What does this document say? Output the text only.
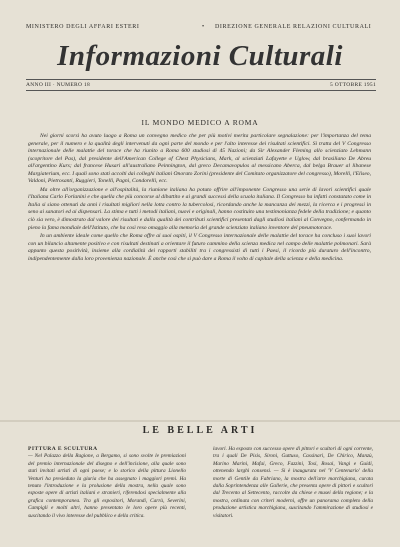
MINISTERO DEGLI AFFARI ESTERI	• DIREZIONE GENERALE RELAZIONI CULTURALI
Informazioni Culturali
ANNO III · NUMERO 18	5 OTTOBRE 1951
IL MONDO MEDICO A ROMA

Nei giorni scorsi ha avuto luogo a Roma un convegno medico che per più motivi merita particolare segnalazione: per l'importanza del tema generale, per il numero e la qualità degli intervenuti da ogni parte del mondo e per l'alto interesse dei risultati scientifici. Si tratta del V Congresso internazionale delle malattie del torace che ha riunito a Roma 600 studiosi di 45 Nazioni; da Sir Alexander Fleming allo scienziato Lehmann (scopritore del Pas), dal presidente dell'American College of Chest Physicians, Mark, al scienziati Lafayette e Uglow, dal brasiliano De Abreu all'argentino Kurs; dal francese Husari all'australiano Peinnington, dal greco Decamavopulos al messicano Aberca, dal belga Brauer al libanese Margiaterium, ecc. I quali sono stati accolti dai colleghi italiani Onorato Zorini (presidente del Comitato organizzatore del congresso), Morelli, l'Eliseo, Valdoni, Pietrosanti, Ruggieri, Tonelli, Pagni, Condorelli, ecc.

Ma oltre all'organizzazione e all'ospitalità, la riunione italiana ha potuto offrire all'imponente Congresso una serie di lavori scientifici quale l'Italiana Carlo Forlanini e che quella che più concorse al dibattito e ai grandi successi della scuola italiana. Il Congresso ha infatti constatato come in Italia si siano ottenuti da anni i risultati migliori nella lotta contro la tubercolosi, ricordando anche la mancanza dei mezzi, la ricerca e i progressi in seno ai sanatori ed ai dispensari. La stima e tutti i metodi italiani, nuovi e originali, hanno costituito una testimonianza fedele della tradizione; e quanto ciò sia vero, è dimostrato dal valore dei risultati e dalla qualità dei contributi scientifici presentati dagli studiosi italiani al Convegno, confermando in pieno la fama mondiale dell'Istituto, che ha così reso omaggio alla memoria del grande scienziato italiano inventore del pneumotorace.

In un ambiente ideale come quello che Roma offre ai suoi ospiti, il V Congresso internazionale delle malattie del torace ha concluso i suoi lavori con un bilancio altamente positivo e con risultati destinati a orientare il futuro cammino della scienza medica nel campo delle malattie polmonari. Sarà appunto questa positività, insieme alla cordialità dei rapporti stabiliti tra i congressisti di tutti i Paesi, il ricordo più duraturo dell'incontro, indipendentemente dalla loro provenienza nazionale. È anche così che si può dare a Roma il volto di capitale della scienza e della medicina.

LE BELLE ARTI

PITTURA E SCULTURA

— Nel Palazzo della Ragione, a Bergamo, si sono svolte le premiazioni del premio internazionale del disegno e dell'incisione, alla quale sono stati invitati artisti di ogni paese; e lo storico della pittura Lionello Venturi ha presieduto la giuria che ha assegnato i maggiori premi. Ha tenuto l'introduzione e la prolusione della mostra, nella quale sono esposte opere di artisti italiani e stranieri, riferendosi specialmente alla grafica contemporanea. Tra gli espositori, Morandi, Carrà, Severini, Campigli e molti altri, hanno presentato le loro opere più recenti, suscitando il vivo interesse del pubblico e della critica.

lavori. Ha esposto con successo opere di pittori e scultori di ogni corrente, tra i quali De Pisis, Sironi, Guttuso, Cassinari, De Chirico, Manzù, Marino Marini, Mafai, Greco, Fazzini, Tosi, Rosai, Vangi e Guidi, ottenendo larghi consensi. — Si è inaugurata nel 'V Centenario' della morte di Gentile da Fabriano, la mostra dell'arte marchigiana, curata dalla Soprintendenza alle Gallerie, che presenta opere di pittori e scultori dal Trecento al Settecento, raccolte da chiese e musei della regione; e la mostra, ordinata con criteri moderni, offre un panorama completo della produzione artistica marchigiana, suscitando l'ammirazione di studiosi e visitatori.
